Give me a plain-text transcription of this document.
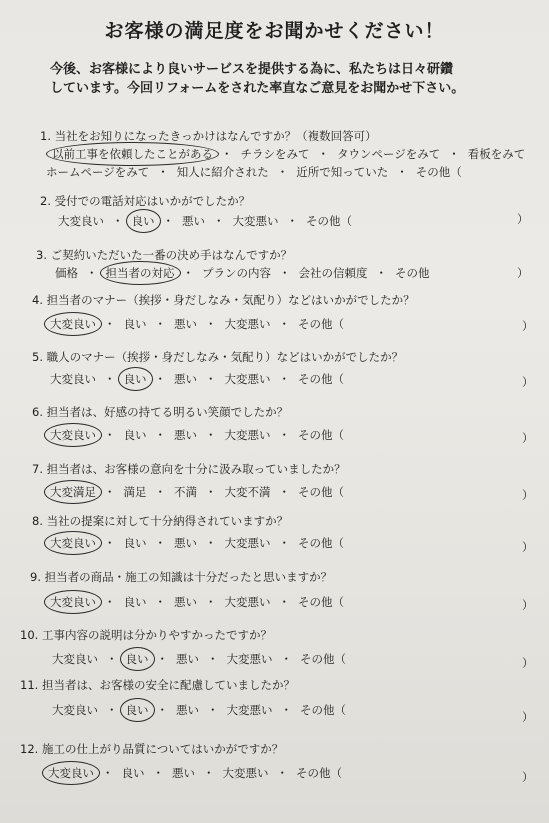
お客様の満足度をお聞かせください！

今後、お客様により良いサービスを提供する為に、私たちは日々研鑽

しています。今回リフォームをされた率直なご意見をお聞かせ下さい。

1. 当社をお知りになったきっかけはなんですか？（複数回答可）

以前工事を依頼したことがある ・ チラシをみて ・ タウンページをみて ・ 看板をみて
ホームページをみて ・ 知人に紹介された ・ 近所で知っていた ・ その他（

2. 受付での電話対応はいかがでしたか？

大変良い ・ 良い ・ 悪い ・ 大変悪い ・ その他（	）

3. ご契約いただいた一番の決め手はなんですか？

価格 ・ 担当者の対応 ・ プランの内容 ・ 会社の信頼度 ・ その他	）

4. 担当者のマナー（挨拶・身だしなみ・気配り）などはいかがでしたか？

大変良い ・ 良い ・ 悪い ・ 大変悪い ・ その他（	）

5. 職人のマナー（挨拶・身だしなみ・気配り）などはいかがでしたか？

大変良い ・ 良い ・ 悪い ・ 大変悪い ・ その他（	）

6. 担当者は、好感の持てる明るい笑顔でしたか？

大変良い ・ 良い ・ 悪い ・ 大変悪い ・ その他（	）

7. 担当者は、お客様の意向を十分に汲み取っていましたか？

大変満足 ・ 満足 ・ 不満 ・ 大変不満 ・ その他（	）

8. 当社の提案に対して十分納得されていますか？

大変良い ・ 良い ・ 悪い ・ 大変悪い ・ その他（	）

9. 担当者の商品・施工の知識は十分だったと思いますか？

大変良い ・ 良い ・ 悪い ・ 大変悪い ・ その他（	）

10. 工事内容の説明は分かりやすかったですか？

大変良い ・ 良い ・ 悪い ・ 大変悪い ・ その他（	）

11. 担当者は、お客様の安全に配慮していましたか？

大変良い ・ 良い ・ 悪い ・ 大変悪い ・ その他（	）

12. 施工の仕上がり品質についてはいかがですか？

大変良い ・ 良い ・ 悪い ・ 大変悪い ・ その他（	）
